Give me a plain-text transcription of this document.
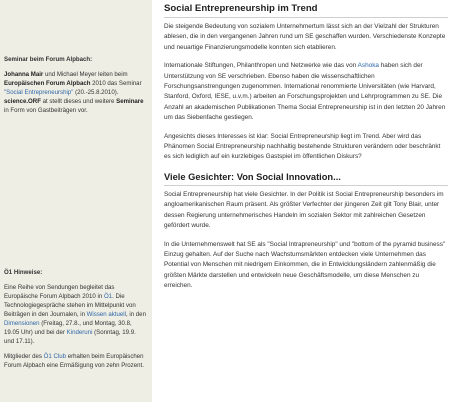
Seminar beim Forum Alpbach:

Johanna Mair und Michael Meyer leiten beim Europäischen Forum Alpbach 2010 das Seminar "Social Entrepreneurship" (20.-25.8.2010). science.ORF at stellt dieses und weitere Seminare in Form von Gastbeiträgen vor.

Ö1 Hinweise:

Eine Reihe von Sendungen begleitet das Europäische Forum Alpbach 2010 in Ö1. Die Technologiegespräche stehen im Mittelpunkt von Beiträgen in den Journalen, in Wissen aktuell, in den Dimensionen (Freitag, 27.8., und Montag, 30.8, 19.05 Uhr) und bei der Kinderuni (Sonntag, 19.9. und 17.11).

Mitglieder des Ö1 Club erhalten beim Europäischen Forum Alpbach eine Ermäßigung von zehn Prozent.

Social Entrepreneurship im Trend

Die steigende Bedeutung von sozialem Unternehmertum lässt sich an der Vielzahl der Strukturen ablesen, die in den vergangenen Jahren rund um SE geschaffen wurden. Verschiedenste Konzepte und neuartige Finanzierungsmodelle konnten sich etablieren.

Internationale Stiftungen, Philanthropen und Netzwerke wie das von Ashoka haben sich der Unterstützung von SE verschrieben. Ebenso haben die wissenschaftlichen Forschungsanstrengungen zugenommen. International renommierte Universitäten (wie Harvard, Stanford, Oxford, IESE, u.v.m.) arbeiten an Forschungsprojekten und Lehrprogrammen zu SE. Die Anzahl an akademischen Publikationen Thema Social Entrepreneurship ist in den letzten 20 Jahren um das Siebenfache gestiegen.

Angesichts dieses Interesses ist klar: Social Entrepreneurship liegt im Trend. Aber wird das Phänomen Social Entrepreneurship nachhaltig bestehende Strukturen verändern oder beschränkt es sich lediglich auf ein kurzlebiges Gastspiel im öffentlichen Diskurs?

Viele Gesichter: Von Social Innovation...

Social Entrepreneurship hat viele Gesichter. In der Politik ist Social Entrepreneurship besonders im angloamerikanischen Raum präsent. Als größter Verfechter der jüngeren Zeit gilt Tony Blair, unter dessen Regierung unternehmerisches Handeln im sozialen Sektor mit zahlreichen Gesetzen gefördert wurde.

In die Unternehmenswelt hat SE als "Social Intrapreneurship" und "bottom of the pyramid business" Einzug gehalten. Auf der Suche nach Wachstumsmärkten entdecken viele Unternehmen das Potential von Menschen mit niedrigem Einkommen, die in Entwicklungsländern zahlenmäßig die größten Märkte darstellen und entwickeln neue Geschäftsmodelle, um diese Menschen zu erreichen.
